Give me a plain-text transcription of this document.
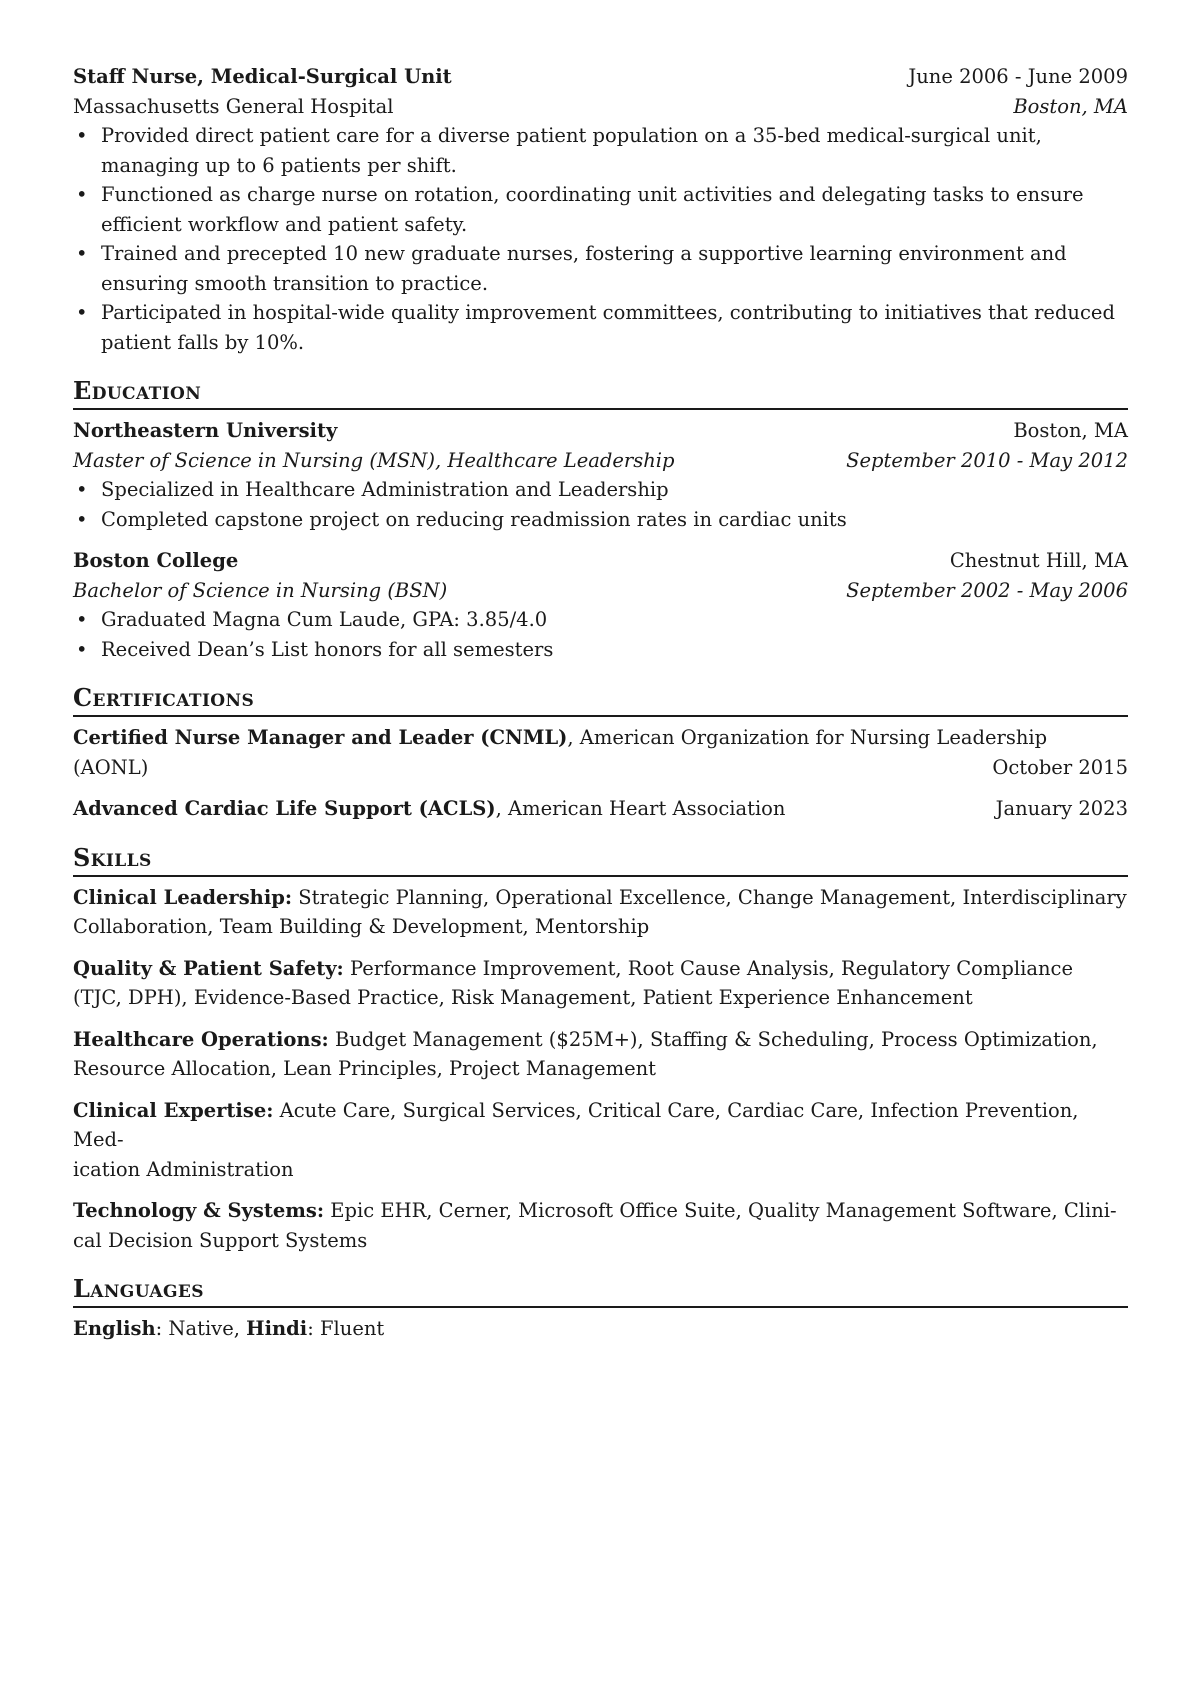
Staff Nurse, Medical-Surgical Unit	June 2006 - June 2009
Massachusetts General Hospital	Boston, MA
• Provided direct patient care for a diverse patient population on a 35-bed medical-surgical unit, managing up to 6 patients per shift.
• Functioned as charge nurse on rotation, coordinating unit activities and delegating tasks to ensure efficient workflow and patient safety.
• Trained and precepted 10 new graduate nurses, fostering a supportive learning environment and ensuring smooth transition to practice.
• Participated in hospital-wide quality improvement committees, contributing to initiatives that reduced patient falls by 10%.
Education
Northeastern University	Boston, MA
Master of Science in Nursing (MSN), Healthcare Leadership	September 2010 - May 2012
• Specialized in Healthcare Administration and Leadership
• Completed capstone project on reducing readmission rates in cardiac units
Boston College	Chestnut Hill, MA
Bachelor of Science in Nursing (BSN)	September 2002 - May 2006
• Graduated Magna Cum Laude, GPA: 3.85/4.0
• Received Dean’s List honors for all semesters
Certifications
Certified Nurse Manager and Leader (CNML), American Organization for Nursing Leadership
(AONL)	October 2015
Advanced Cardiac Life Support (ACLS), American Heart Association	January 2023
Skills
Clinical Leadership: Strategic Planning, Operational Excellence, Change Management, Interdisciplinary
Collaboration, Team Building & Development, Mentorship
Quality & Patient Safety: Performance Improvement, Root Cause Analysis, Regulatory Compliance
(TJC, DPH), Evidence-Based Practice, Risk Management, Patient Experience Enhancement
Healthcare Operations: Budget Management ($25M+), Staffing & Scheduling, Process Optimization,
Resource Allocation, Lean Principles, Project Management
Clinical Expertise: Acute Care, Surgical Services, Critical Care, Cardiac Care, Infection Prevention, Med-
ication Administration
Technology & Systems: Epic EHR, Cerner, Microsoft Office Suite, Quality Management Software, Clini-
cal Decision Support Systems
Languages
English: Native, Hindi: Fluent
